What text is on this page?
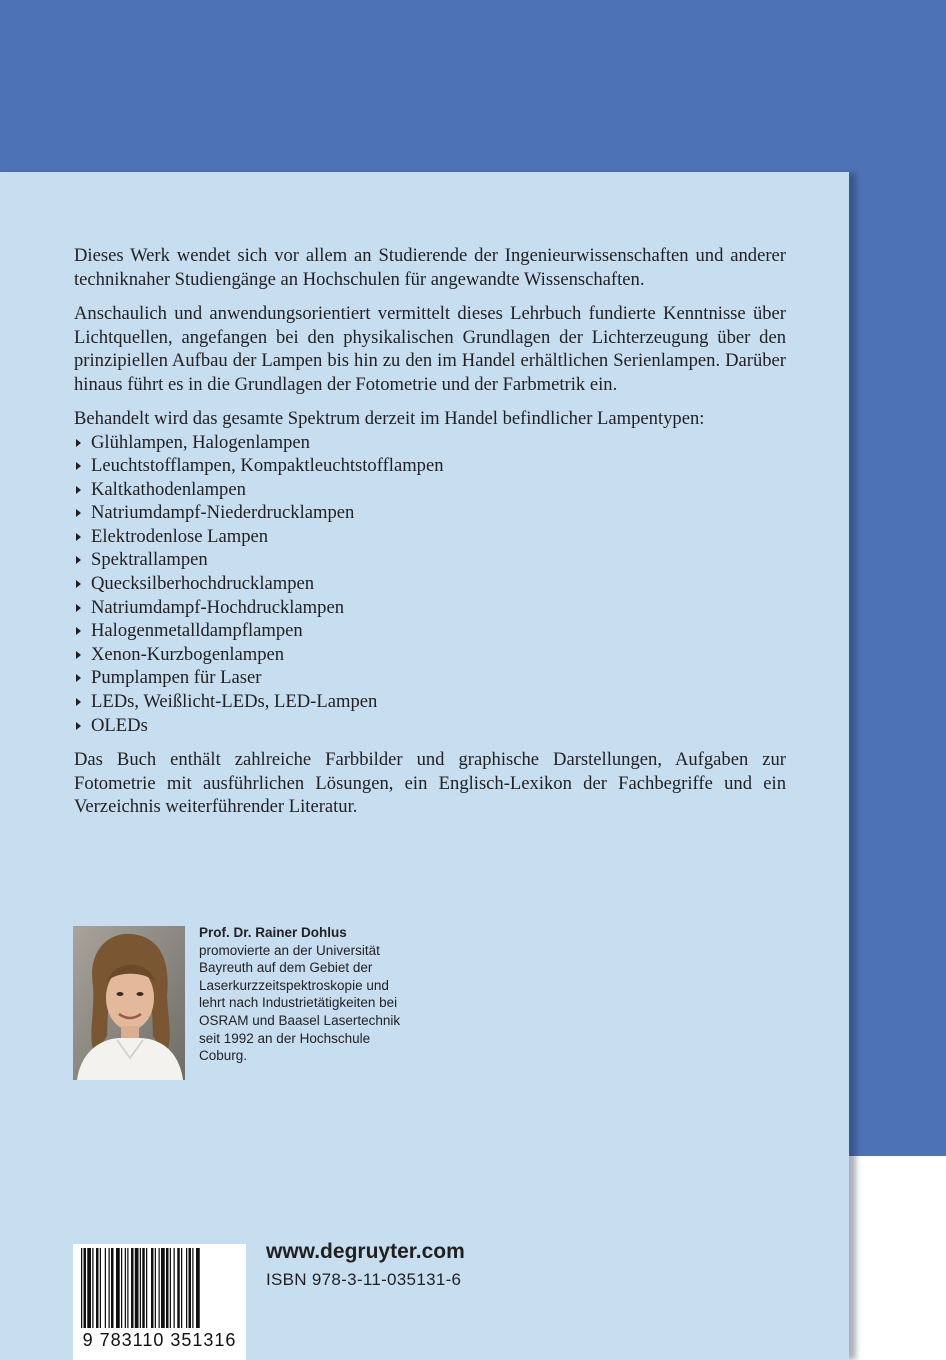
Dieses Werk wendet sich vor allem an Studierende der Ingenieurwissenschaften und anderer techniknaher Studiengänge an Hochschulen für angewandte Wissenschaften.

Anschaulich und anwendungsorientiert vermittelt dieses Lehrbuch fundierte Kenntnisse über Lichtquellen, angefangen bei den physikalischen Grundlagen der Lichterzeugung über den prinzipiellen Aufbau der Lampen bis hin zu den im Handel erhältlichen Serienlampen. Darüber hinaus führt es in die Grundlagen der Fotometrie und der Farbmetrik ein.

Behandelt wird das gesamte Spektrum derzeit im Handel befindlicher Lampentypen:

Glühlampen, Halogenlampen
Leuchtstofflampen, Kompaktleuchtstofflampen
Kaltkathodenlampen
Natriumdampf-Niederdrucklampen
Elektrodenlose Lampen
Spektrallampen
Quecksilberhochdrucklampen
Natriumdampf-Hochdrucklampen
Halogenmetalldampflampen
Xenon-Kurzbogenlampen
Pumplampen für Laser
LEDs, Weißlicht-LEDs, LED-Lampen
OLEDs

Das Buch enthält zahlreiche Farbbilder und graphische Darstellungen, Aufgaben zur Fotometrie mit ausführlichen Lösungen, ein Englisch-Lexikon der Fachbegriffe und ein Verzeichnis weiterführender Literatur.

Prof. Dr. Rainer Dohlus
promovierte an der Universität Bayreuth auf dem Gebiet der Laserkurzzeitspektroskopie und lehrt nach Industrietätigkeiten bei OSRAM und Baasel Lasertechnik seit 1992 an der Hochschule Coburg.
9 783110 351316
www.degruyter.com
ISBN 978-3-11-035131-6
